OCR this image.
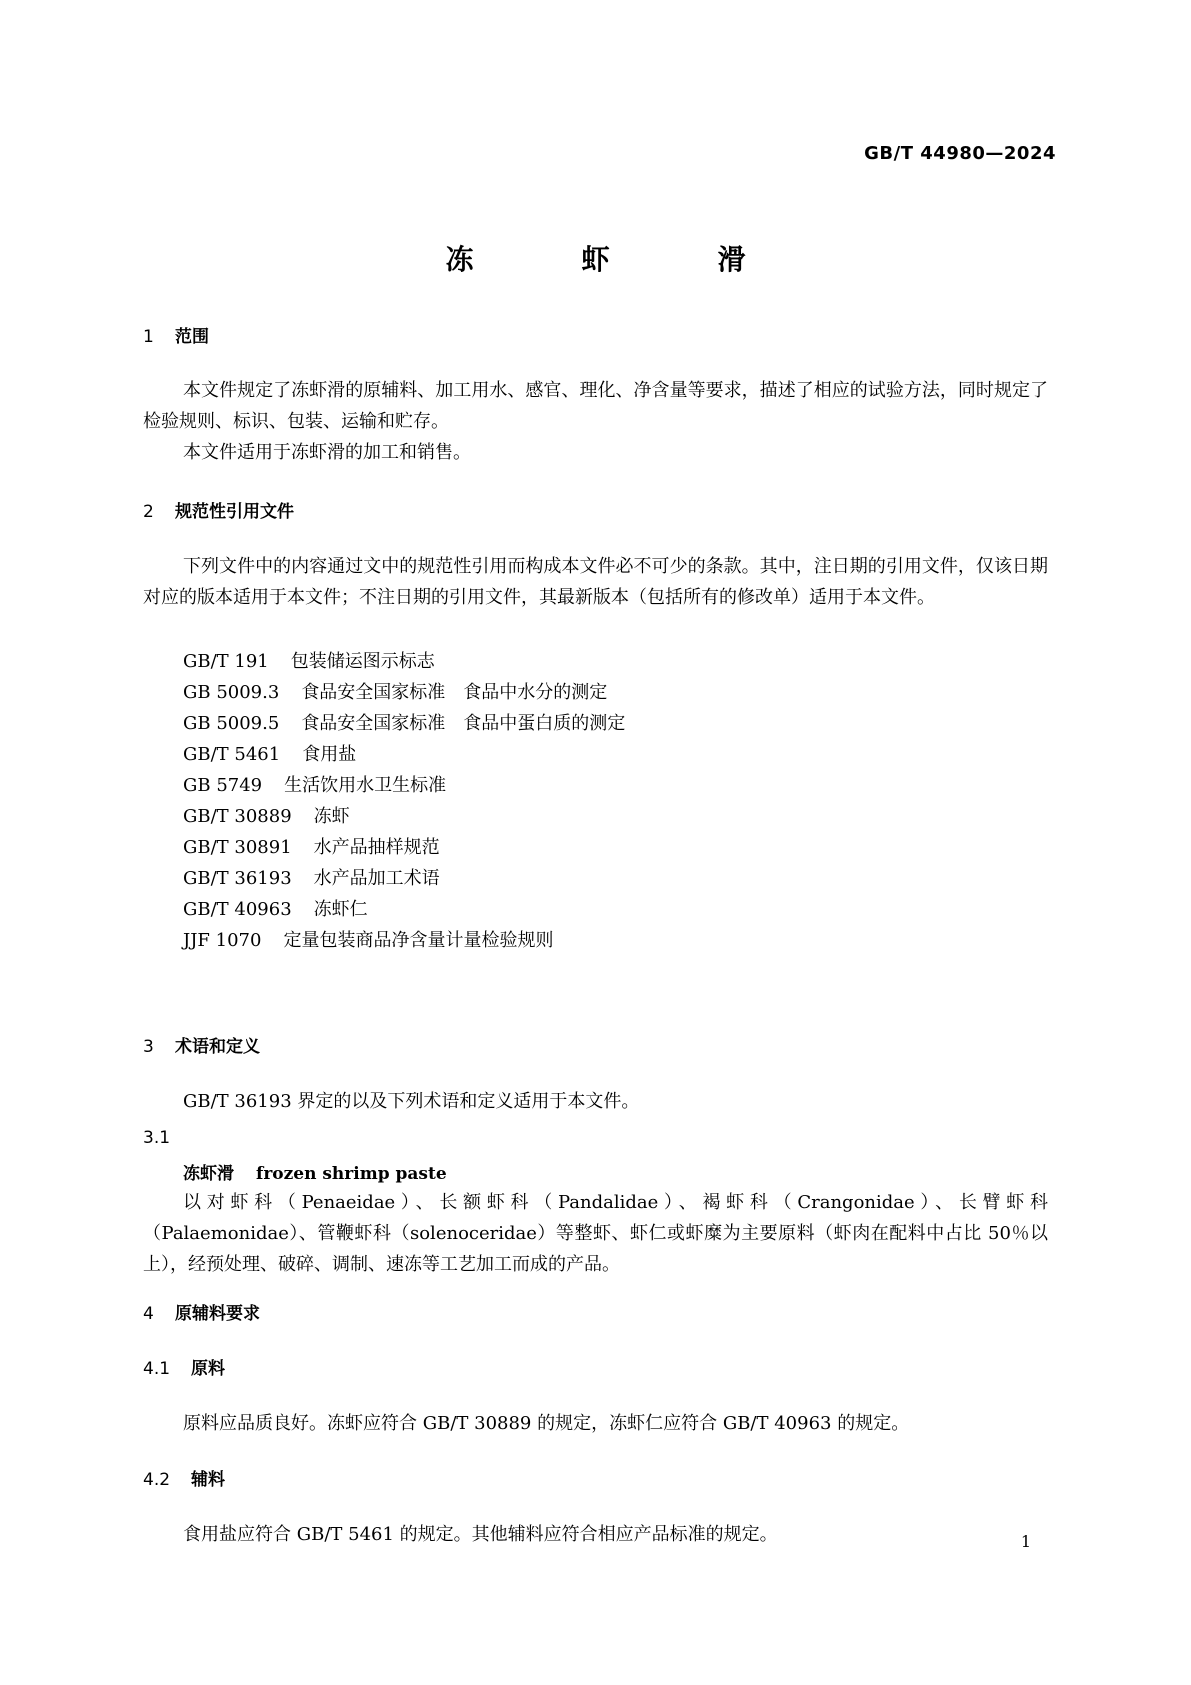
GB/T 44980—2024
冻　虾　滑
1 范围

本文件规定了冻虾滑的原辅料、加工用水、感官、理化、净含量等要求，描述了相应的试验方法，同时规定了检验规则、标识、包装、运输和贮存。

本文件适用于冻虾滑的加工和销售。

2 规范性引用文件

下列文件中的内容通过文中的规范性引用而构成本文件必不可少的条款。其中，注日期的引用文件，仅该日期对应的版本适用于本文件；不注日期的引用文件，其最新版本（包括所有的修改单）适用于本文件。

GB/T 191 包装储运图示标志
GB 5009.3 食品安全国家标准　食品中水分的测定
GB 5009.5 食品安全国家标准　食品中蛋白质的测定
GB/T 5461 食用盐
GB 5749 生活饮用水卫生标准
GB/T 30889 冻虾
GB/T 30891 水产品抽样规范
GB/T 36193 水产品加工术语
GB/T 40963 冻虾仁
JJF 1070 定量包装商品净含量计量检验规则
3 术语和定义
GB/T 36193 界定的以及下列术语和定义适用于本文件。
3.1
冻虾滑 frozen shrimp paste

以对虾科（Penaeidae）、长额虾科（Pandalidae）、褐虾科（Crangonidae）、长臂虾科（Palaemonidae）、管鞭虾科（solenoceridae）等整虾、虾仁或虾糜为主要原料（虾肉在配料中占比 50％以上），经预处理、破碎、调制、速冻等工艺加工而成的产品。

4 原辅料要求
4.1 原料
原料应品质良好。冻虾应符合 GB/T 30889 的规定，冻虾仁应符合 GB/T 40963 的规定。
4.2 辅料
食用盐应符合 GB/T 5461 的规定。其他辅料应符合相应产品标准的规定。	1
